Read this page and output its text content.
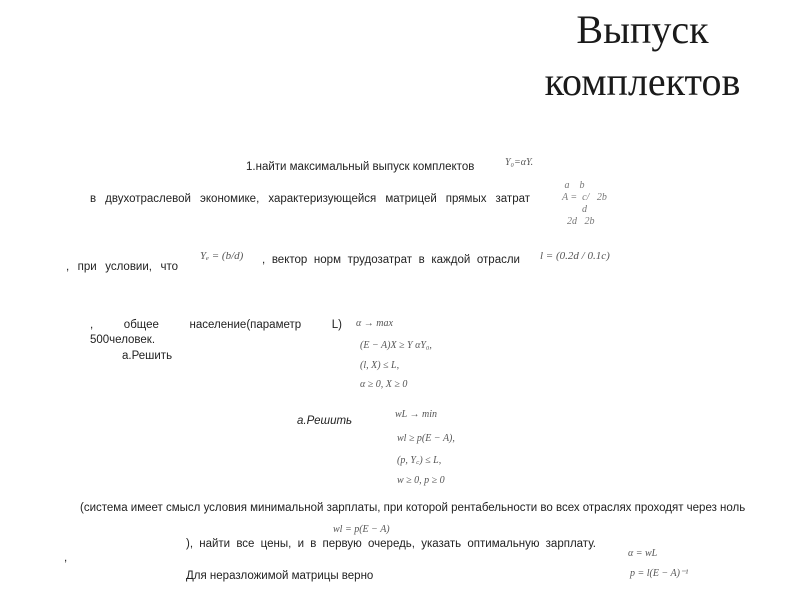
Выпуск
комплектов
1.найти максимальный выпуск комплектов	Y₀=αY.
в двухотраслевой экономике, характеризующейся матрицей прямых затрат
a    b
A =  c/   2b
d
2d   2b
, при условии, что
Yₑ = (b/d) , вектор норм трудозатрат в каждой отрасли l = (0.2d / 0.1c)
, общее население(параметр L)
500человек.
а.Решить
α → max
(E − A)X ≥ Y αY₀,
(l, X) ≤ L,
α ≥ 0, X ≥ 0
а.Решить
wL → min
wl ≥ p(E − A),
(p, Y꜀) ≤ L,
w ≥ 0, p ≥ 0
(система имеет смысл условия минимальной зарплаты, при которой рентабельности во всех отраслях проходят через ноль
wl = p(E − A)
,
), найти все цены, и в первую очередь, указать оптимальную зарплату.
Для неразложимой матрицы верно
α = wL
p = l(E − A)⁻¹
